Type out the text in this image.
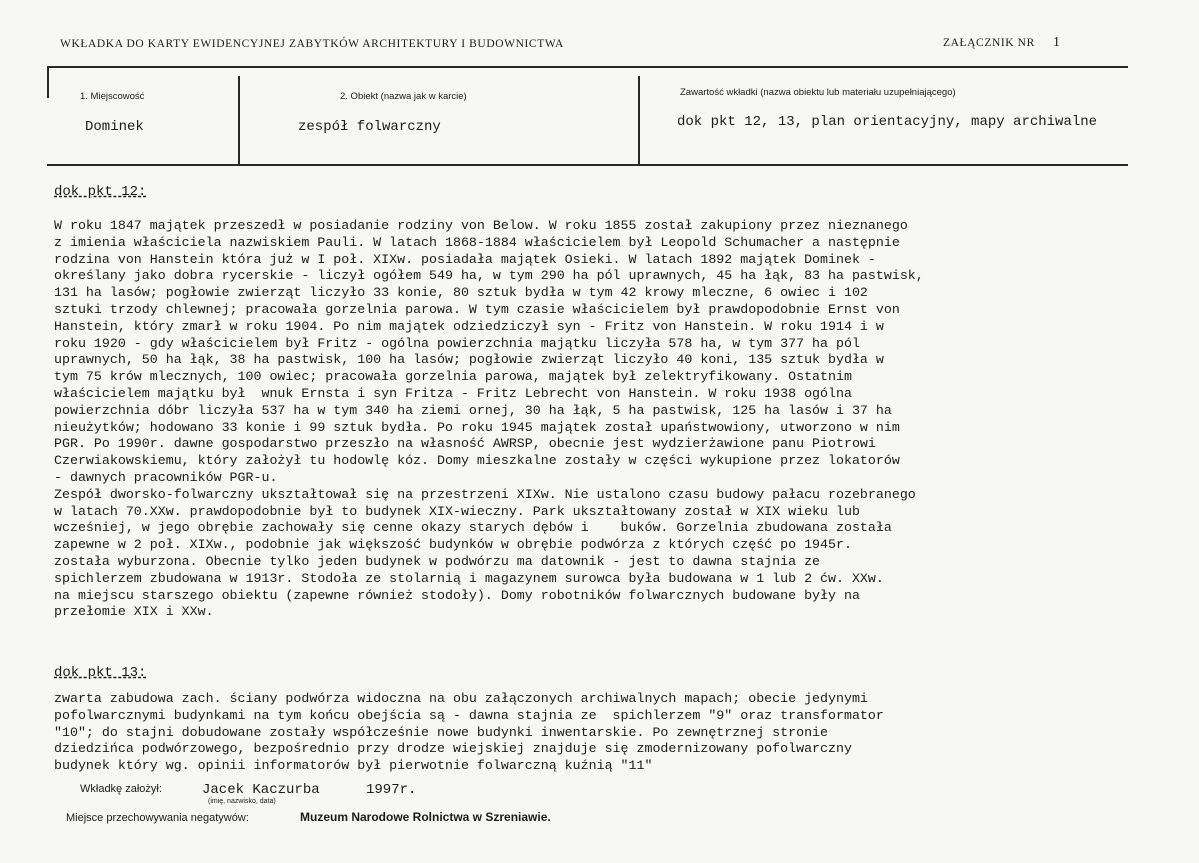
WKŁADKA DO KARTY EWIDENCYJNEJ ZABYTKÓW ARCHITEKTURY I BUDOWNICTWA	ZAŁĄCZNIK NR 1
1. Miejscowość
Dominek
2. Obiekt (nazwa jak w karcie)
zespół folwarczny
Zawartość wkładki (nazwa obiektu lub materiału uzupełniającego)
dok pkt 12, 13, plan orientacyjny, mapy archiwalne
dok pkt 12:
W roku 1847 majątek przeszedł w posiadanie rodziny von Below. W roku 1855 został zakupiony przez nieznanego
z imienia właściciela nazwiskiem Pauli. W latach 1868-1884 właścicielem był Leopold Schumacher a następnie
rodzina von Hanstein która już w I poł. XIXw. posiadała majątek Osieki. W latach 1892 majątek Dominek -
określany jako dobra rycerskie - liczył ogółem 549 ha, w tym 290 ha pól uprawnych, 45 ha łąk, 83 ha pastwisk,
131 ha lasów; pogłowie zwierząt liczyło 33 konie, 80 sztuk bydła w tym 42 krowy mleczne, 6 owiec i 102
sztuki trzody chlewnej; pracowała gorzelnia parowa. W tym czasie właścicielem był prawdopodobnie Ernst von
Hanstein, który zmarł w roku 1904. Po nim majątek odziedziczył syn - Fritz von Hanstein. W roku 1914 i w
roku 1920 - gdy właścicielem był Fritz - ogólna powierzchnia majątku liczyła 578 ha, w tym 377 ha pól
uprawnych, 50 ha łąk, 38 ha pastwisk, 100 ha lasów; pogłowie zwierząt liczyło 40 koni, 135 sztuk bydła w
tym 75 krów mlecznych, 100 owiec; pracowała gorzelnia parowa, majątek był zelektryfikowany. Ostatnim
właścicielem majątku był  wnuk Ernsta i syn Fritza - Fritz Lebrecht von Hanstein. W roku 1938 ogólna
powierzchnia dóbr liczyła 537 ha w tym 340 ha ziemi ornej, 30 ha łąk, 5 ha pastwisk, 125 ha lasów i 37 ha
nieużytków; hodowano 33 konie i 99 sztuk bydła. Po roku 1945 majątek został upaństwowiony, utworzono w nim
PGR. Po 1990r. dawne gospodarstwo przeszło na własność AWRSP, obecnie jest wydzierżawione panu Piotrowi
Czerwiakowskiemu, który założył tu hodowlę kóz. Domy mieszkalne zostały w części wykupione przez lokatorów
- dawnych pracowników PGR-u.
Zespół dworsko-folwarczny ukształtował się na przestrzeni XIXw. Nie ustalono czasu budowy pałacu rozebranego
w latach 70.XXw. prawdopodobnie był to budynek XIX-wieczny. Park ukształtowany został w XIX wieku lub
wcześniej, w jego obrębie zachowały się cenne okazy starych dębów i    buków. Gorzelnia zbudowana została
zapewne w 2 poł. XIXw., podobnie jak większość budynków w obrębie podwórza z których część po 1945r.
została wyburzona. Obecnie tylko jeden budynek w podwórzu ma datownik - jest to dawna stajnia ze
spichlerzem zbudowana w 1913r. Stodoła ze stolarnią i magazynem surowca była budowana w 1 lub 2 ćw. XXw.
na miejscu starszego obiektu (zapewne również stodoły). Domy robotników folwarcznych budowane były na
przełomie XIX i XXw.
dok pkt 13:
zwarta zabudowa zach. ściany podwórza widoczna na obu załączonych archiwalnych mapach; obecie jedynymi
pofolwarcznymi budynkami na tym końcu obejścia są - dawna stajnia ze  spichlerzem "9" oraz transformator
"10"; do stajni dobudowane zostały współcześnie nowe budynki inwentarskie. Po zewnętrznej stronie
dziedzińca podwórzowego, bezpośrednio przy drodze wiejskiej znajduje się zmodernizowany pofolwarczny
budynek który wg. opinii informatorów był pierwotnie folwarczną kuźnią "11"
Wkładkę założył:	Jacek Kaczurba	1997r.
(imię, nazwisko, data)
Miejsce przechowywania negatywów:	Muzeum Narodowe Rolnictwa w Szreniawie.
